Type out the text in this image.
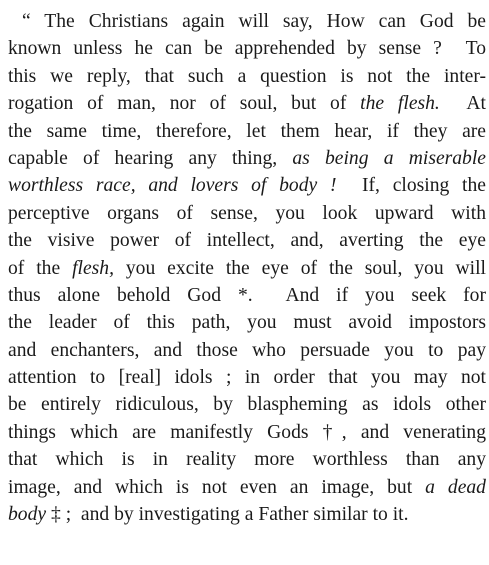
“ The Christians again will say, How can God be
known unless he can be apprehended by sense ?  To
this we reply, that such a question is not the inter-
rogation of man, nor of soul, but of the flesh.  At
the same time, therefore, let them hear, if they are
capable of hearing any thing, as being a miserable
worthless race, and lovers of body !  If, closing the
perceptive organs of sense, you look upward with
the visive power of intellect, and, averting the eye
of the flesh, you excite the eye of the soul, you will
thus alone behold God *.  And if you seek for
the leader of this path, you must avoid impostors
and enchanters, and those who persuade you to pay
attention to [real] idols ; in order that you may not
be entirely ridiculous, by blaspheming as idols other
things which are manifestly Gods †, and venerating
that which is in reality more worthless than any
image, and which is not even an image, but a dead
body ‡ ;  and by investigating a Father similar to it.
